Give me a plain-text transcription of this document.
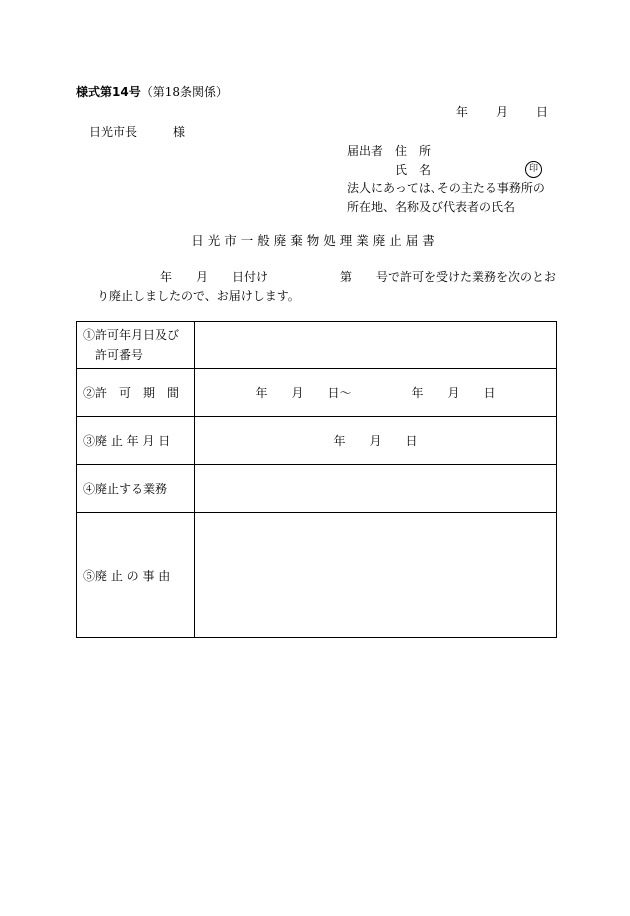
様式第14号（第18条関係）
年 月 日
日光市長	様
届出者　 住　所
氏　名
法人にあっては､その主たる事務所の
所在地、名称及び代表者の氏名
印
日光市一般廃棄物処理業廃止届書
年　　月　　日付け　　　　　　第　　号で許可を受けた業務を次のとお
り廃止しましたので、お届けします。
①許可年月日及び
　許可番号	

②許　可　期　間	年　　月　　日～　　　　　年　　月　　日
③廃 止 年 月 日	年　　月　　日
④廃止する業務	
⑤廃 止 の 事 由	
